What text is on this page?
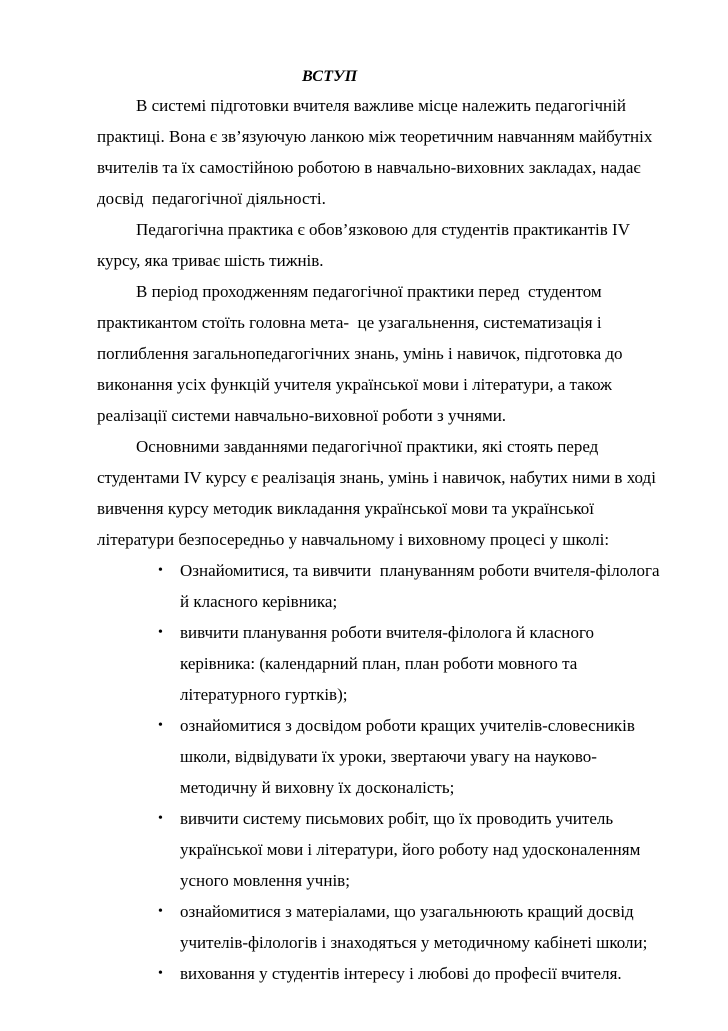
ВСТУП
В системі підготовки вчителя важливе місце належить педагогічній
практиці. Вона є зв’язуючую ланкою між теоретичним навчанням майбутніх
вчителів та їх самостійною роботою в навчально-виховних закладах, надає
досвід  педагогічної діяльності.
Педагогічна практика є обов’язковою для студентів практикантів IV
курсу, яка триває шість тижнів.
В період проходженням педагогічної практики перед  студентом
практикантом стоїть головна мета-  це узагальнення, систематизація і
поглиблення загальнопедагогічних знань, умінь і навичок, підготовка до
виконання усіх функцій учителя української мови і літератури, а також
реалізації системи навчально-виховної роботи з учнями.
Основними завданнями педагогічної практики, які стоять перед
студентами IV курсу є реалізація знань, умінь і навичок, набутих ними в ході
вивчення курсу методик викладання української мови та української
літератури безпосередньо у навчальному і виховному процесі у школі:
• Ознайомитися, та вивчити  плануванням роботи вчителя-філолога
й класного керівника;
• вивчити планування роботи вчителя-філолога й класного
керівника: (календарний план, план роботи мовного та
літературного гуртків);
• ознайомитися з досвідом роботи кращих учителів-словесників
школи, відвідувати їх уроки, звертаючи увагу на науково-
методичну й виховну їх досконалість;
• вивчити систему письмових робіт, що їх проводить учитель
української мови і літератури, його роботу над удосконаленням
усного мовлення учнів;
• ознайомитися з матеріалами, що узагальнюють кращий досвід
учителів-філологів і знаходяться у методичному кабінеті школи;
• виховання у студентів інтересу і любові до професії вчителя.
